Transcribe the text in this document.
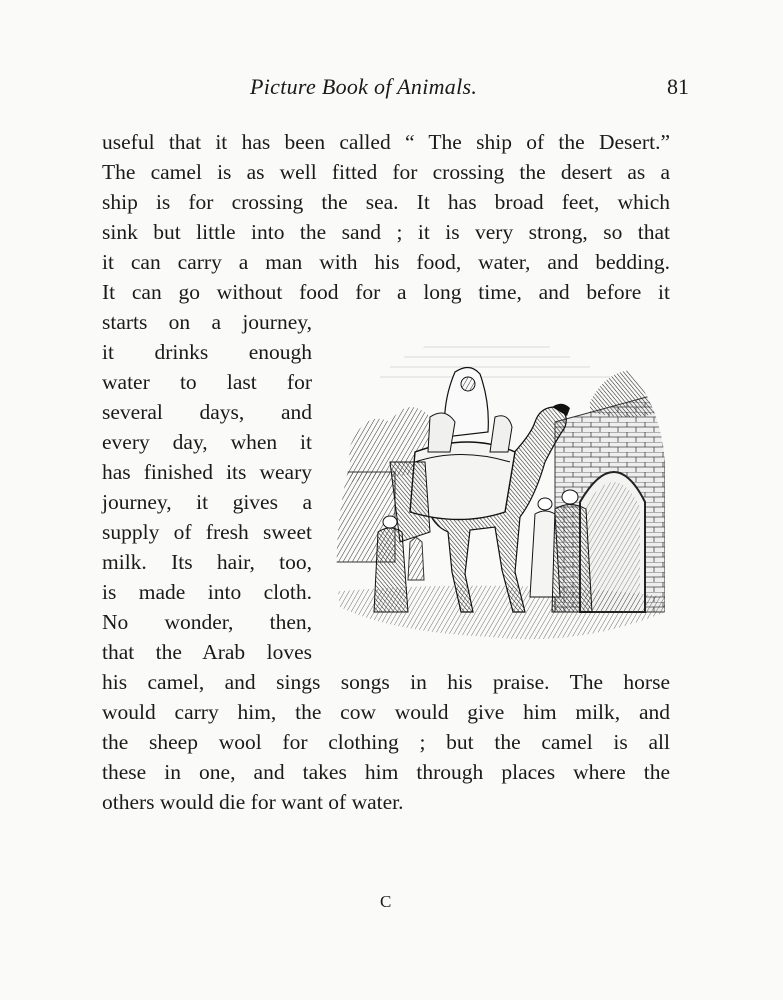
Picture Book of Animals.	81
useful that it has been called “ The ship of the Desert.”
The camel is as well fitted for crossing the desert as a
ship is for crossing the sea. It has broad feet, which
sink but little into the sand ; it is very strong, so that
it can carry a man with his food, water, and bedding.
It can go without food for a long time, and before it
starts on a journey,
it drinks enough
water to last for
several days, and
every day, when it
has finished its weary
journey, it gives a
supply of fresh sweet
milk. Its hair, too,
is made into cloth.
No wonder, then,
that the Arab loves
his camel, and sings songs in his praise. The horse
would carry him, the cow would give him milk, and
the sheep wool for clothing ; but the camel is all
these in one, and takes him through places where the
others would die for want of water.
C
